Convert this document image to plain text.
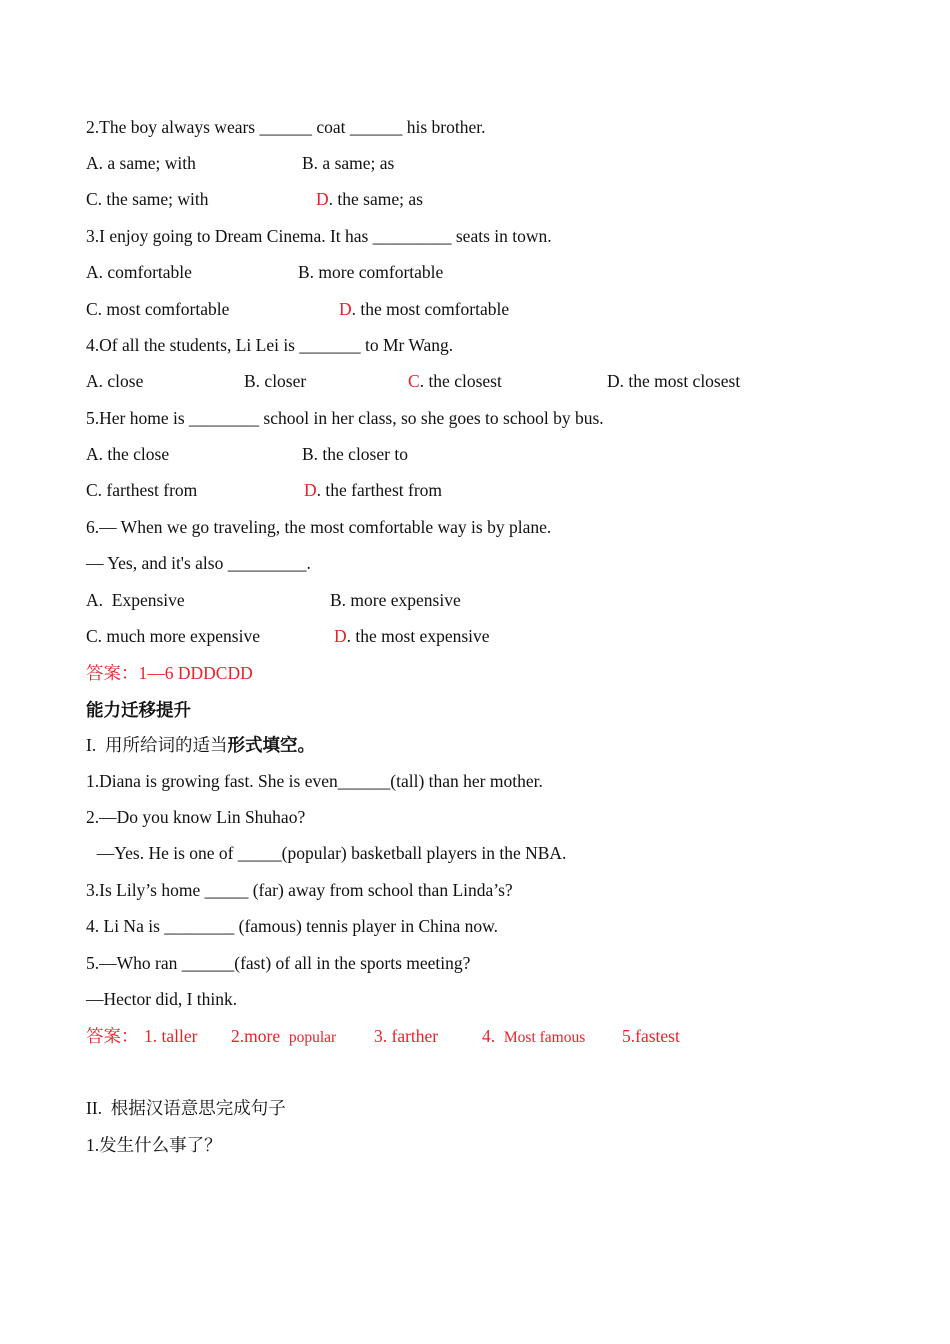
2.The boy always wears ______ coat ______ his brother.
A. a same; with	B. a same; as
C. the same; with	D. the same; as
3.I enjoy going to Dream Cinema. It has _________ seats in town.
A. comfortable	B. more comfortable
C. most comfortable	D. the most comfortable
4.Of all the students, Li Lei is _______ to Mr Wang.
A. close	B. closer	C. the closest	D. the most closest
5.Her home is ________ school in her class, so she goes to school by bus.
A. the close	B. the closer to
C. farthest from	D. the farthest from
6.— When we go traveling, the most comfortable way is by plane.
— Yes, and it's also _________.
A.  Expensive	B. more expensive
C. much more expensive	D. the most expensive
答案：1—6 DDDCDD
能力迁移提升
I.  用所给词的适当形式填空。
1.Diana is growing fast. She is even______(tall) than her mother.
2.—Do you know Lin Shuhao?
—Yes. He is one of _____(popular) basketball players in the NBA.
3.Is Lily’s home _____ (far) away from school than Linda’s?
4. Li Na is ________ (famous) tennis player in China now.
5.—Who ran ______(fast) of all in the sports meeting?
—Hector did, I think.
答案： 1. taller 2.more popular 3. farther	4. Most famous 5.fastest
II.  根据汉语意思完成句子
1.发生什么事了？
